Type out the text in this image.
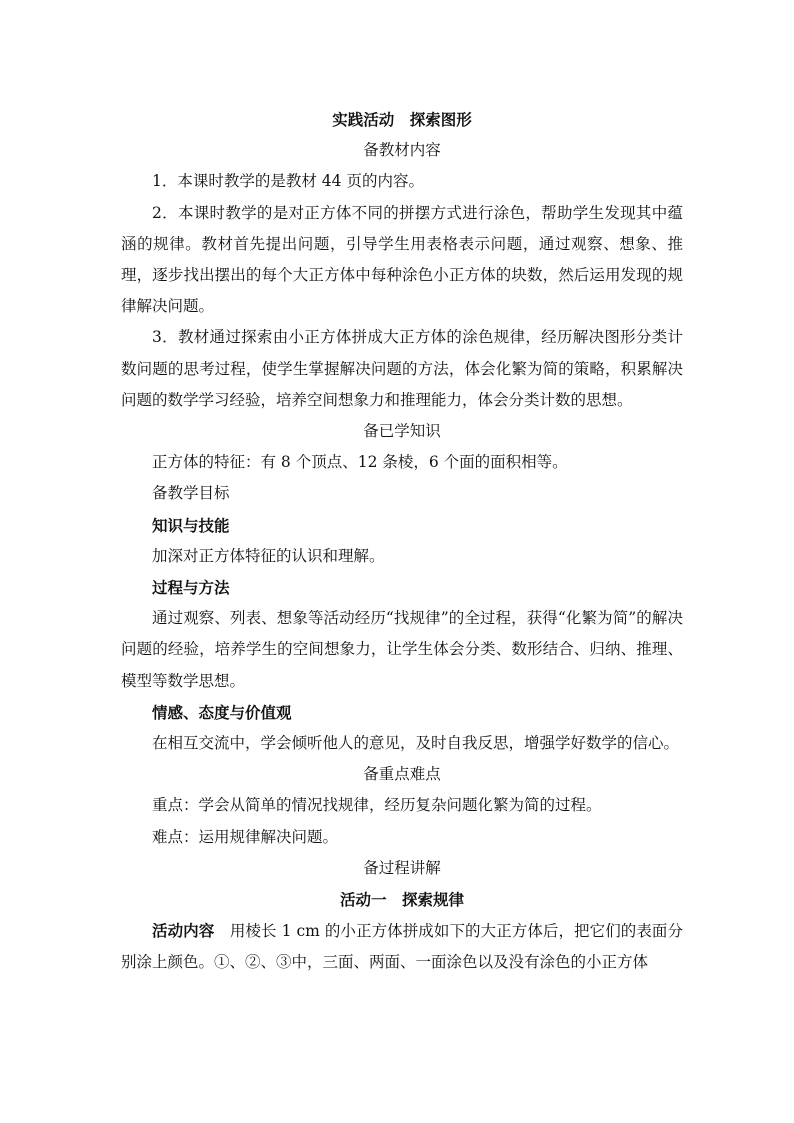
实践活动　探索图形

备教材内容

1．本课时教学的是教材 44 页的内容。

2．本课时教学的是对正方体不同的拼摆方式进行涂色，帮助学生发现其中蕴涵的规律。教材首先提出问题，引导学生用表格表示问题，通过观察、想象、推理，逐步找出摆出的每个大正方体中每种涂色小正方体的块数，然后运用发现的规律解决问题。

3．教材通过探索由小正方体拼成大正方体的涂色规律，经历解决图形分类计数问题的思考过程，使学生掌握解决问题的方法，体会化繁为简的策略，积累解决问题的数学学习经验，培养空间想象力和推理能力，体会分类计数的思想。

备已学知识

正方体的特征：有 8 个顶点、12 条棱，6 个面的面积相等。

备教学目标

知识与技能

加深对正方体特征的认识和理解。

过程与方法

通过观察、列表、想象等活动经历“找规律”的全过程，获得“化繁为简”的解决问题的经验，培养学生的空间想象力，让学生体会分类、数形结合、归纳、推理、模型等数学思想。

情感、态度与价值观

在相互交流中，学会倾听他人的意见，及时自我反思，增强学好数学的信心。

备重点难点

重点：学会从简单的情况找规律，经历复杂问题化繁为简的过程。

难点：运用规律解决问题。

备过程讲解

活动一　探索规律

活动内容　用棱长 1 cm 的小正方体拼成如下的大正方体后，把它们的表面分别涂上颜色。①、②、③中，三面、两面、一面涂色以及没有涂色的小正方体
